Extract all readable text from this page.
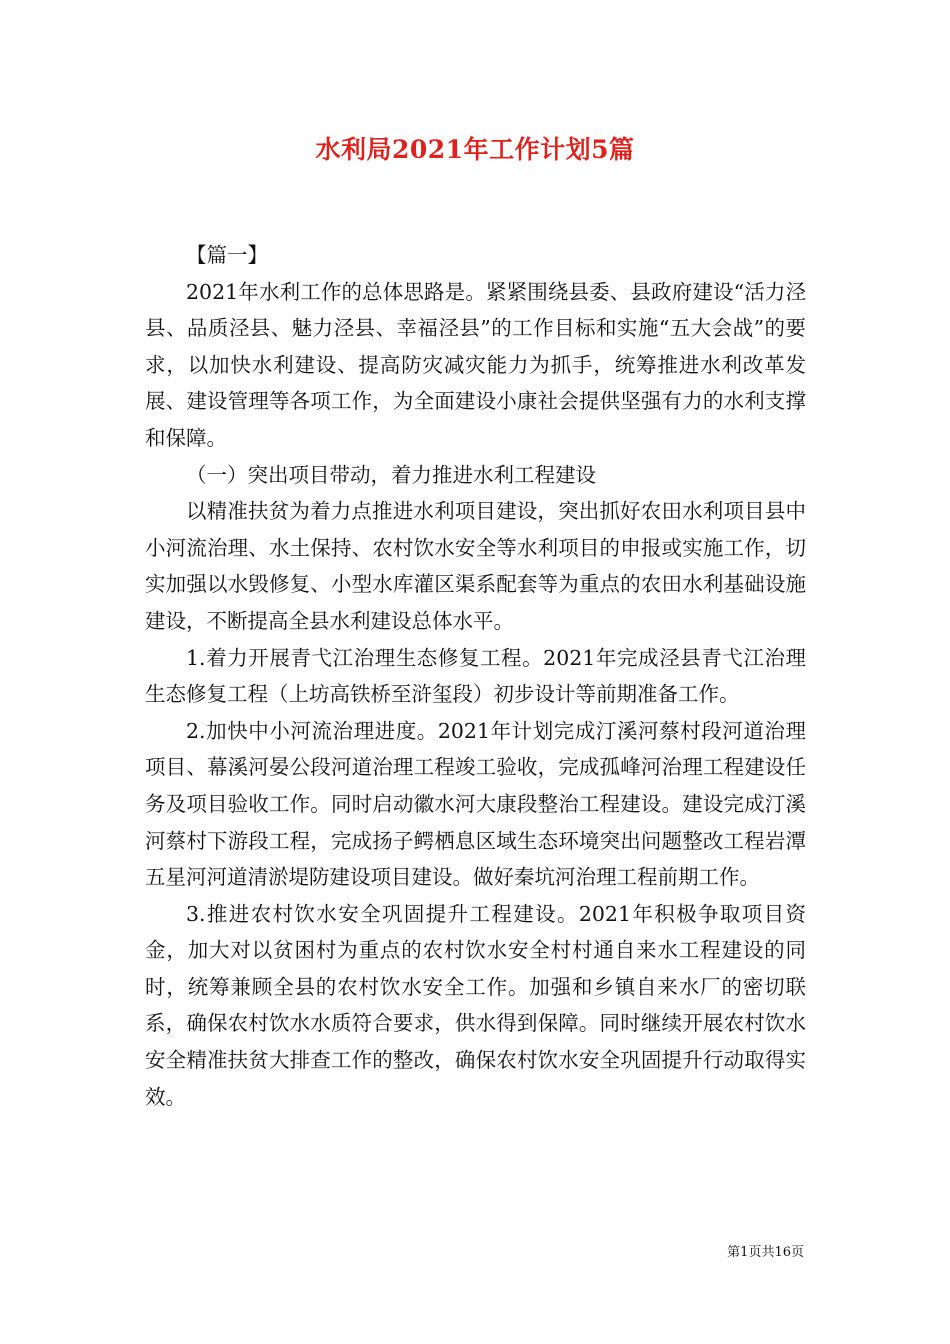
水利局2021年工作计划5篇

【篇一】

2021年水利工作的总体思路是。紧紧围绕县委、县政府建设“活力泾县、品质泾县、魅力泾县、幸福泾县”的工作目标和实施“五大会战”的要求，以加快水利建设、提高防灾减灾能力为抓手，统筹推进水利改革发展、建设管理等各项工作，为全面建设小康社会提供坚强有力的水利支撑和保障。

（一）突出项目带动，着力推进水利工程建设

以精准扶贫为着力点推进水利项目建设，突出抓好农田水利项目县中小河流治理、水土保持、农村饮水安全等水利项目的申报或实施工作，切实加强以水毁修复、小型水库灌区渠系配套等为重点的农田水利基础设施建设，不断提高全县水利建设总体水平。

1.着力开展青弋江治理生态修复工程。2021年完成泾县青弋江治理生态修复工程（上坊高铁桥至浒玺段）初步设计等前期准备工作。

2.加快中小河流治理进度。2021年计划完成汀溪河蔡村段河道治理项目、幕溪河晏公段河道治理工程竣工验收，完成孤峰河治理工程建设任务及项目验收工作。同时启动徽水河大康段整治工程建设。建设完成汀溪河蔡村下游段工程，完成扬子鳄栖息区域生态环境突出问题整改工程岩潭五星河河道清淤堤防建设项目建设。做好秦坑河治理工程前期工作。

3.推进农村饮水安全巩固提升工程建设。2021年积极争取项目资金，加大对以贫困村为重点的农村饮水安全村村通自来水工程建设的同时，统筹兼顾全县的农村饮水安全工作。加强和乡镇自来水厂的密切联系，确保农村饮水水质符合要求，供水得到保障。同时继续开展农村饮水安全精准扶贫大排查工作的整改，确保农村饮水安全巩固提升行动取得实效。

第1页共16页
